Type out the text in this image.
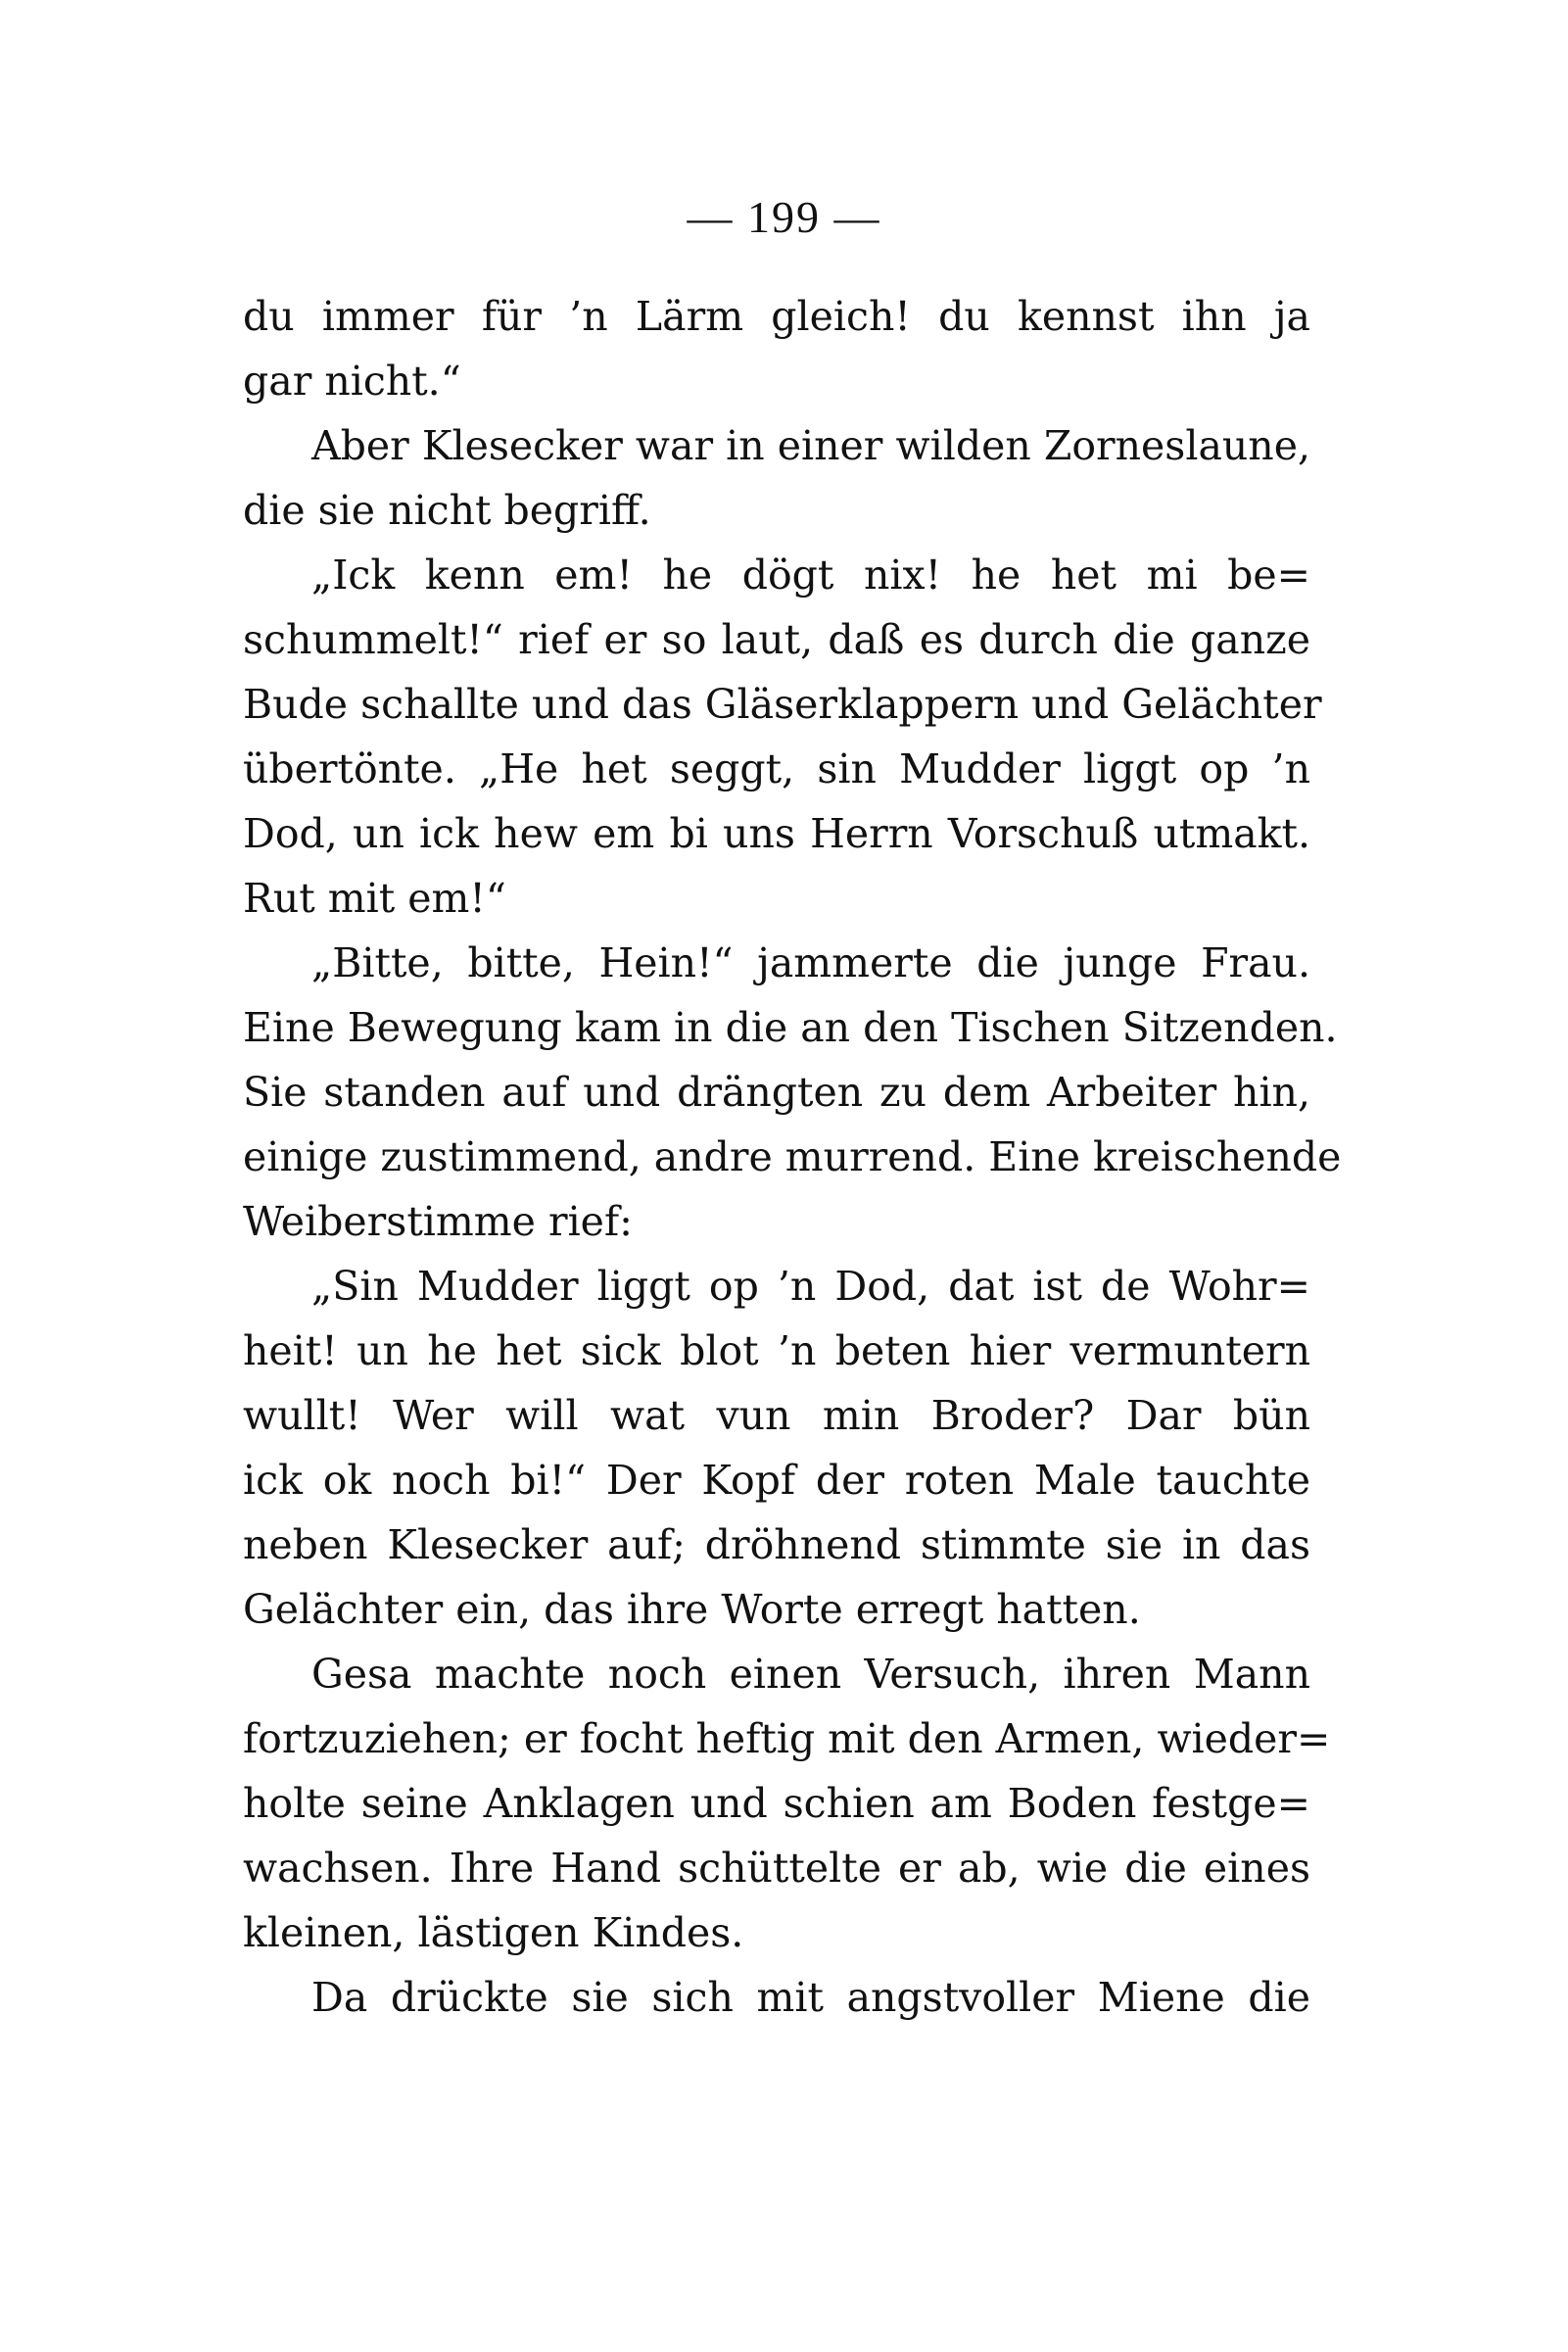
— 199 —
du immer für ’n Lärm gleich! du kennst ihn ja
gar nicht.“
Aber Klesecker war in einer wilden Zorneslaune,
die sie nicht begriff.
„Ick kenn em! he dögt nix! he het mi be=
schummelt!“ rief er so laut, daß es durch die ganze
Bude schallte und das Gläserklappern und Gelächter
übertönte. „He het seggt, sin Mudder liggt op ’n
Dod, un ick hew em bi uns Herrn Vorschuß utmakt.
Rut mit em!“
„Bitte, bitte, Hein!“ jammerte die junge Frau.
Eine Bewegung kam in die an den Tischen Sitzenden.
Sie standen auf und drängten zu dem Arbeiter hin,
einige zustimmend, andre murrend. Eine kreischende
Weiberstimme rief:
„Sin Mudder liggt op ’n Dod, dat ist de Wohr=
heit! un he het sick blot ’n beten hier vermuntern
wullt! Wer will wat vun min Broder? Dar bün
ick ok noch bi!“ Der Kopf der roten Male tauchte
neben Klesecker auf; dröhnend stimmte sie in das
Gelächter ein, das ihre Worte erregt hatten.
Gesa machte noch einen Versuch, ihren Mann
fortzuziehen; er focht heftig mit den Armen, wieder=
holte seine Anklagen und schien am Boden festge=
wachsen. Ihre Hand schüttelte er ab, wie die eines
kleinen, lästigen Kindes.
Da drückte sie sich mit angstvoller Miene die
